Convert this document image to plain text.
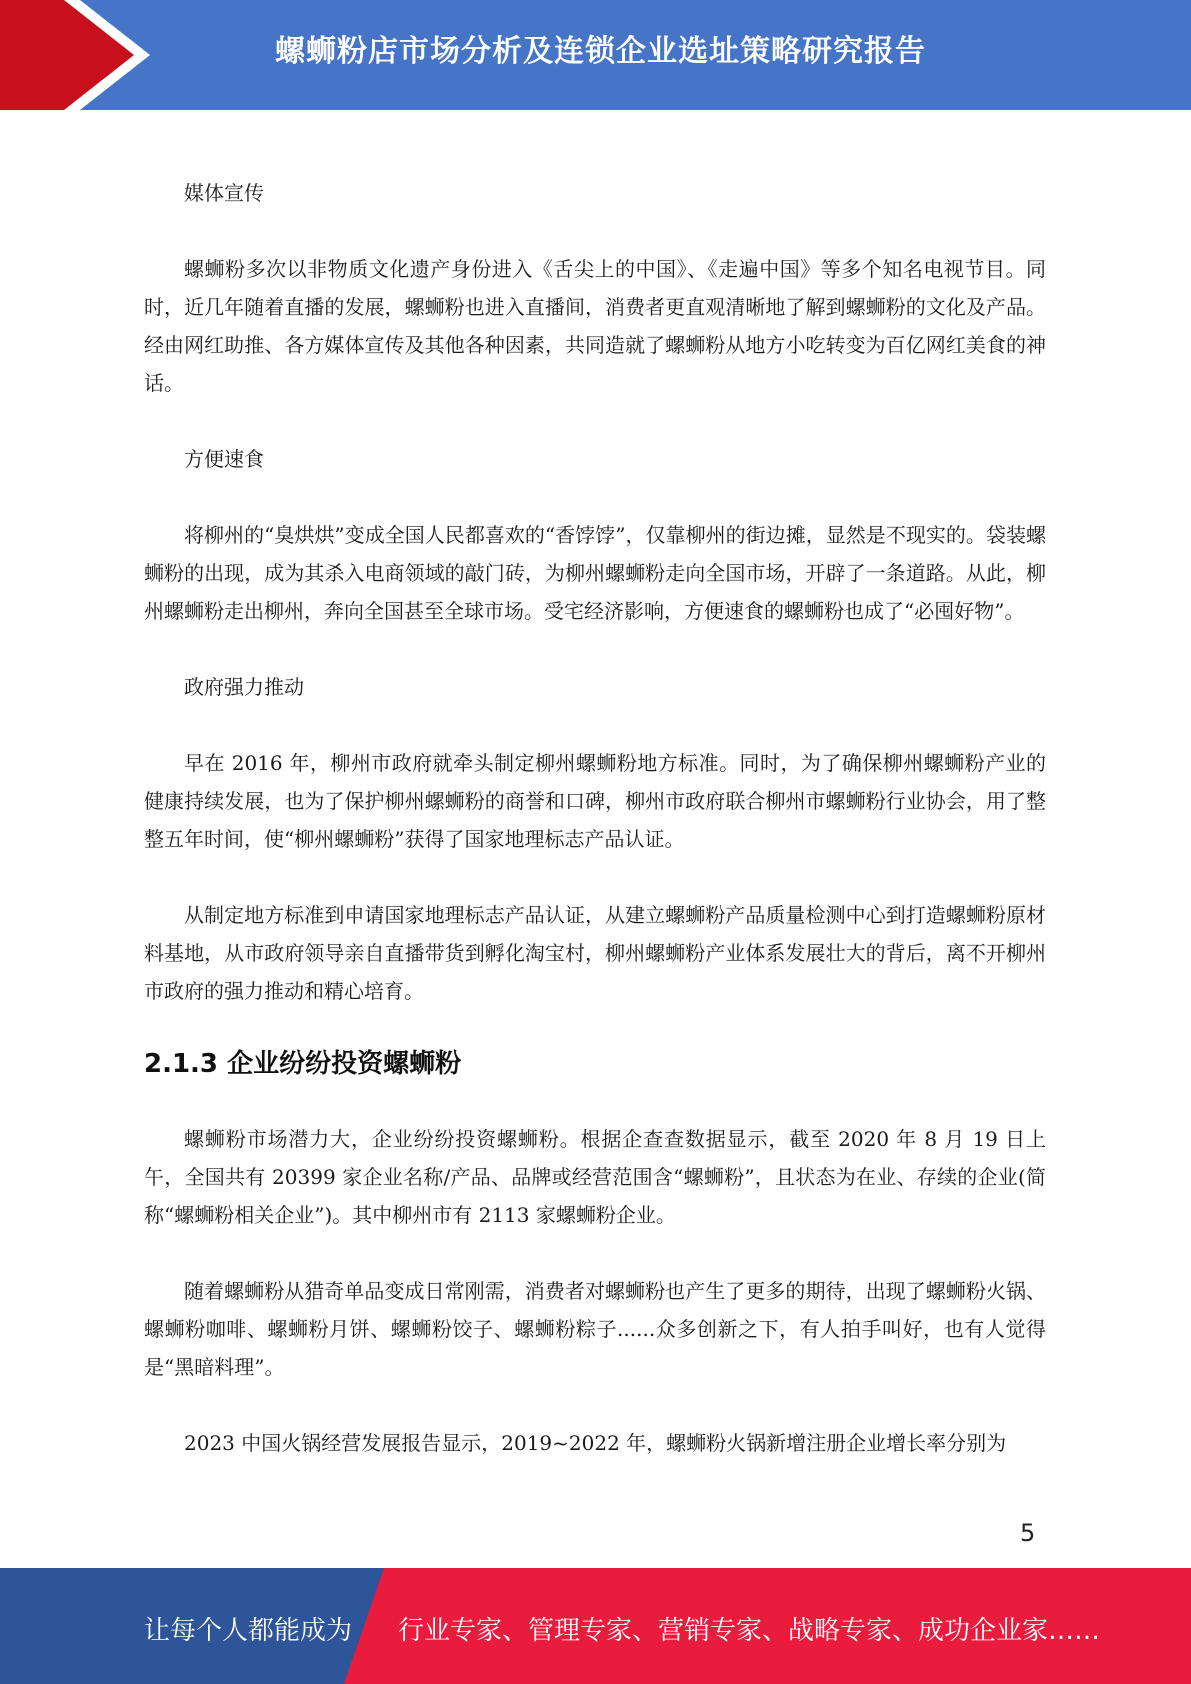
螺蛳粉店市场分析及连锁企业选址策略研究报告
媒体宣传
螺蛳粉多次以非物质文化遗产身份进入《舌尖上的中国》、《走遍中国》等多个知名电视节目。同时，近几年随着直播的发展，螺蛳粉也进入直播间，消费者更直观清晰地了解到螺蛳粉的文化及产品。经由网红助推、各方媒体宣传及其他各种因素，共同造就了螺蛳粉从地方小吃转变为百亿网红美食的神话。
方便速食
将柳州的“臭烘烘”变成全国人民都喜欢的“香饽饽”，仅靠柳州的街边摊，显然是不现实的。袋装螺蛳粉的出现，成为其杀入电商领域的敲门砖，为柳州螺蛳粉走向全国市场，开辟了一条道路。从此，柳州螺蛳粉走出柳州，奔向全国甚至全球市场。受宅经济影响，方便速食的螺蛳粉也成了“必囤好物”。
政府强力推动
早在 2016 年，柳州市政府就牵头制定柳州螺蛳粉地方标准。同时，为了确保柳州螺蛳粉产业的健康持续发展，也为了保护柳州螺蛳粉的商誉和口碑，柳州市政府联合柳州市螺蛳粉行业协会，用了整整五年时间，使“柳州螺蛳粉”获得了国家地理标志产品认证。
从制定地方标准到申请国家地理标志产品认证，从建立螺蛳粉产品质量检测中心到打造螺蛳粉原材料基地，从市政府领导亲自直播带货到孵化淘宝村，柳州螺蛳粉产业体系发展壮大的背后，离不开柳州市政府的强力推动和精心培育。
2.1.3 企业纷纷投资螺蛳粉
螺蛳粉市场潜力大，企业纷纷投资螺蛳粉。根据企查查数据显示，截至 2020 年 8 月 19 日上午，全国共有 20399 家企业名称/产品、品牌或经营范围含“螺蛳粉”，且状态为在业、存续的企业(简称“螺蛳粉相关企业”)。其中柳州市有 2113 家螺蛳粉企业。
随着螺蛳粉从猎奇单品变成日常刚需，消费者对螺蛳粉也产生了更多的期待，出现了螺蛳粉火锅、螺蛳粉咖啡、螺蛳粉月饼、螺蛳粉饺子、螺蛳粉粽子......众多创新之下，有人拍手叫好，也有人觉得是“黑暗料理”。
2023 中国火锅经营发展报告显示，2019~2022 年，螺蛳粉火锅新增注册企业增长率分别为
5
让每个人都能成为 行业专家、管理专家、营销专家、战略专家、成功企业家……
